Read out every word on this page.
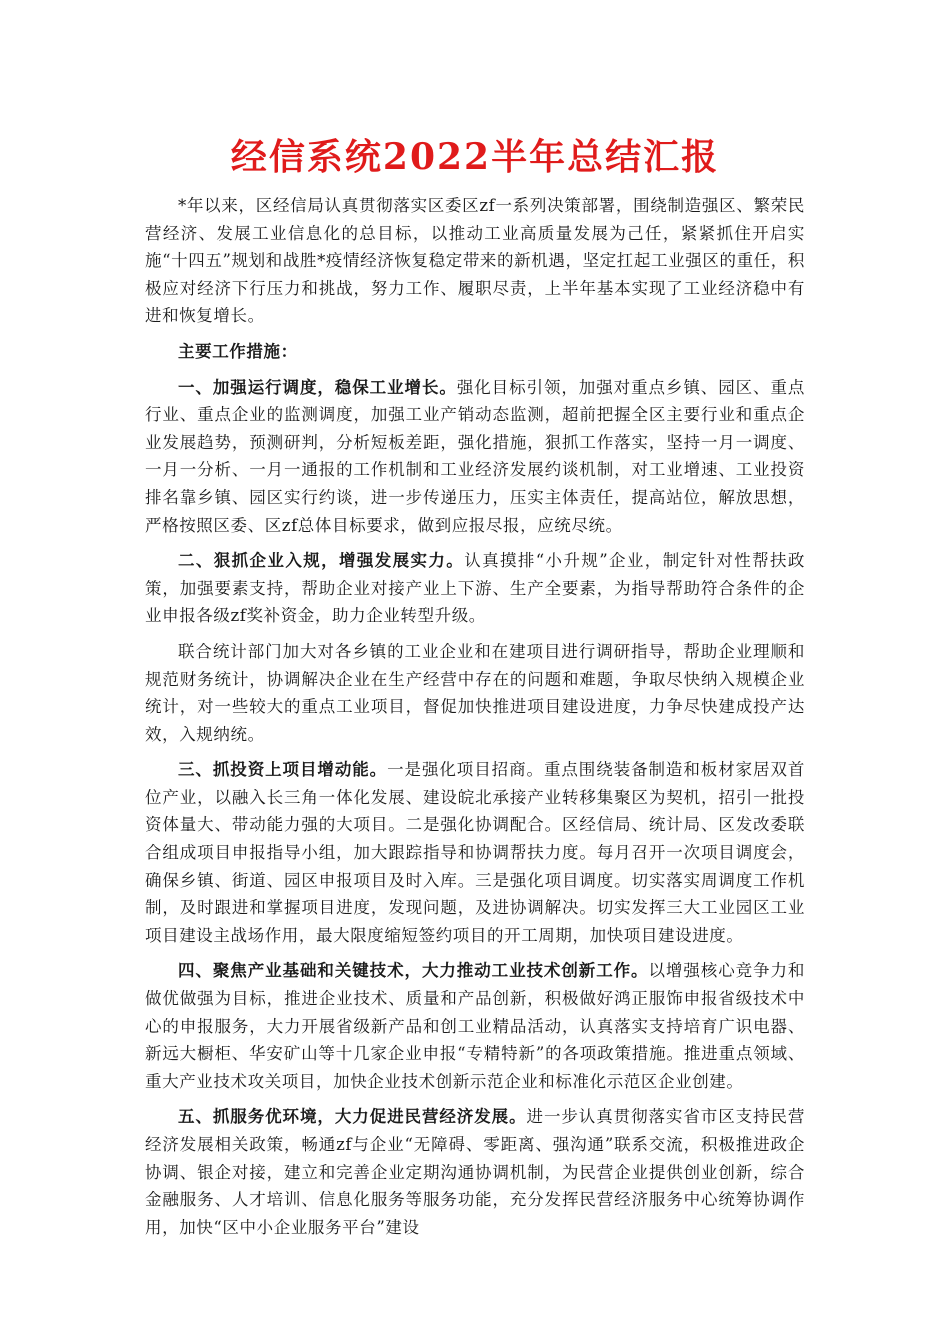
经信系统2022半年总结汇报

*年以来，区经信局认真贯彻落实区委区zf一系列决策部署，围绕制造强区、繁荣民营经济、发展工业信息化的总目标，以推动工业高质量发展为己任，紧紧抓住开启实施“十四五”规划和战胜*疫情经济恢复稳定带来的新机遇，坚定扛起工业强区的重任，积极应对经济下行压力和挑战，努力工作、履职尽责，上半年基本实现了工业经济稳中有进和恢复增长。

主要工作措施：

一、加强运行调度，稳保工业增长。强化目标引领，加强对重点乡镇、园区、重点行业、重点企业的监测调度，加强工业产销动态监测，超前把握全区主要行业和重点企业发展趋势，预测研判，分析短板差距，强化措施，狠抓工作落实，坚持一月一调度、一月一分析、一月一通报的工作机制和工业经济发展约谈机制，对工业增速、工业投资排名靠乡镇、园区实行约谈，进一步传递压力，压实主体责任，提高站位，解放思想，严格按照区委、区zf总体目标要求，做到应报尽报，应统尽统。

二、狠抓企业入规，增强发展实力。认真摸排“小升规”企业，制定针对性帮扶政策，加强要素支持，帮助企业对接产业上下游、生产全要素，为指导帮助符合条件的企业申报各级zf奖补资金，助力企业转型升级。

联合统计部门加大对各乡镇的工业企业和在建项目进行调研指导，帮助企业理顺和规范财务统计，协调解决企业在生产经营中存在的问题和难题，争取尽快纳入规模企业统计，对一些较大的重点工业项目，督促加快推进项目建设进度，力争尽快建成投产达效，入规纳统。

三、抓投资上项目增动能。一是强化项目招商。重点围绕装备制造和板材家居双首位产业，以融入长三角一体化发展、建设皖北承接产业转移集聚区为契机，招引一批投资体量大、带动能力强的大项目。二是强化协调配合。区经信局、统计局、区发改委联合组成项目申报指导小组，加大跟踪指导和协调帮扶力度。每月召开一次项目调度会，确保乡镇、街道、园区申报项目及时入库。三是强化项目调度。切实落实周调度工作机制，及时跟进和掌握项目进度，发现问题，及进协调解决。切实发挥三大工业园区工业项目建设主战场作用，最大限度缩短签约项目的开工周期，加快项目建设进度。

四、聚焦产业基础和关键技术，大力推动工业技术创新工作。以增强核心竞争力和做优做强为目标，推进企业技术、质量和产品创新，积极做好鸿正服饰申报省级技术中心的申报服务，大力开展省级新产品和创工业精品活动，认真落实支持培育广识电器、新远大橱柜、华安矿山等十几家企业申报“专精特新”的各项政策措施。推进重点领域、重大产业技术攻关项目，加快企业技术创新示范企业和标准化示范区企业创建。

五、抓服务优环境，大力促进民营经济发展。进一步认真贯彻落实省市区支持民营经济发展相关政策，畅通zf与企业“无障碍、零距离、强沟通”联系交流，积极推进政企协调、银企对接，建立和完善企业定期沟通协调机制，为民营企业提供创业创新，综合金融服务、人才培训、信息化服务等服务功能，充分发挥民营经济服务中心统筹协调作用，加快“区中小企业服务平台”建设
